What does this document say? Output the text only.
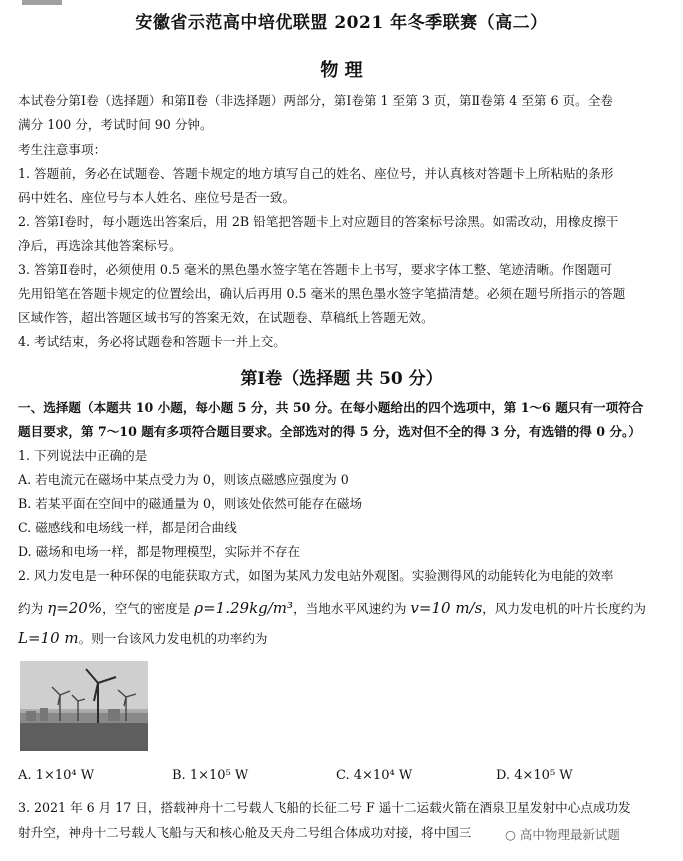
安徽省示范高中培优联盟 2021 年冬季联赛（高二）
物 理
本试卷分第Ⅰ卷（选择题）和第Ⅱ卷（非选择题）两部分，第Ⅰ卷第 1 至第 3 页，第Ⅱ卷第 4 至第 6 页。全卷
满分 100 分，考试时间 90 分钟。
考生注意事项：
1. 答题前，务必在试题卷、答题卡规定的地方填写自己的姓名、座位号，并认真核对答题卡上所粘贴的条形
码中姓名、座位号与本人姓名、座位号是否一致。
2. 答第Ⅰ卷时，每小题选出答案后，用 2B 铅笔把答题卡上对应题目的答案标号涂黑。如需改动，用橡皮擦干
净后，再选涂其他答案标号。
3. 答第Ⅱ卷时，必须使用 0.5 毫米的黑色墨水签字笔在答题卡上书写，要求字体工整、笔迹清晰。作图题可
先用铅笔在答题卡规定的位置绘出，确认后再用 0.5 毫米的黑色墨水签字笔描清楚。必须在题号所指示的答题
区域作答，超出答题区域书写的答案无效，在试题卷、草稿纸上答题无效。
4. 考试结束，务必将试题卷和答题卡一并上交。
第Ⅰ卷（选择题 共 50 分）
一、选择题（本题共 10 小题，每小题 5 分，共 50 分。在每小题给出的四个选项中，第 1～6 题只有一项符合
题目要求，第 7～10 题有多项符合题目要求。全部选对的得 5 分，选对但不全的得 3 分，有选错的得 0 分。）
1. 下列说法中正确的是
A. 若电流元在磁场中某点受力为 0，则该点磁感应强度为 0
B. 若某平面在空间中的磁通量为 0，则该处依然可能存在磁场
C. 磁感线和电场线一样，都是闭合曲线
D. 磁场和电场一样，都是物理模型，实际并不存在
2. 风力发电是一种环保的电能获取方式，如图为某风力发电站外观图。实验测得风的动能转化为电能的效率
约为 η=20%，空气的密度是 ρ=1.29kg/m³，当地水平风速约为 v=10 m/s，风力发电机的叶片长度约为
L=10 m。则一台该风力发电机的功率约为
A. 1×10⁴ W	B. 1×10⁵ W	C. 4×10⁴ W	D. 4×10⁵ W
3. 2021 年 6 月 17 日，搭载神舟十二号载人飞船的长征二号 F 遥十二运载火箭在酒泉卫星发射中心点成功发
射升空，神舟十二号载人飞船与天和核心舱及天舟二号组合体成功对接，将中国三	○ 高中物理最新试题
